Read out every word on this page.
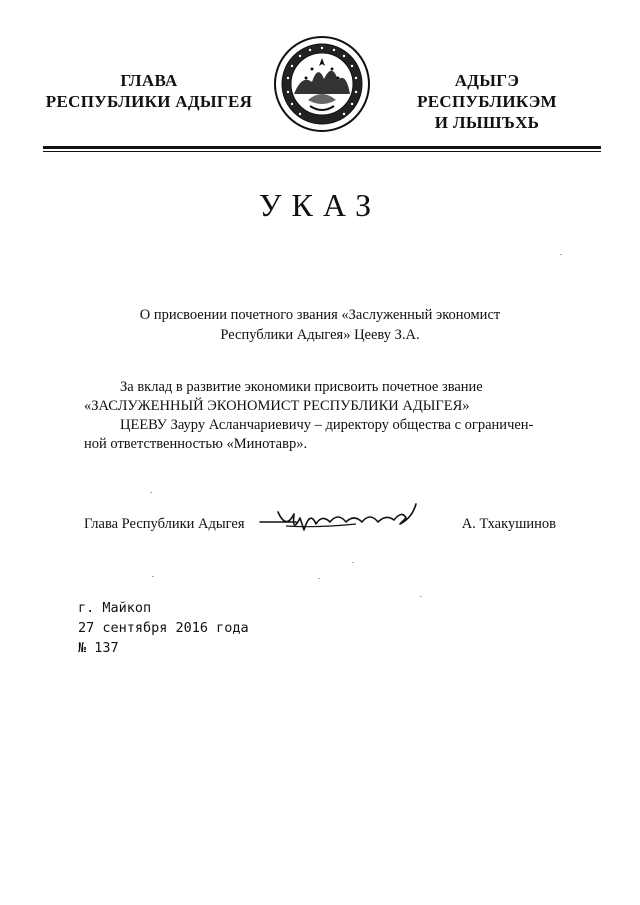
ГЛАВА
РЕСПУБЛИКИ АДЫГЕЯ
АДЫГЭ РЕСПУБЛИКЭМ
И ЛЫШЪХЬ
УКАЗ
О присвоении почетного звания «Заслуженный экономист
Республики Адыгея» Цееву З.А.
За вклад в развитие экономики присвоить почетное звание
«ЗАСЛУЖЕННЫЙ ЭКОНОМИСТ РЕСПУБЛИКИ АДЫГЕЯ»
ЦЕЕВУ Зауру Асланчариевичу – директору общества с ограничен-
ной ответственностью «Минотавр».
Глава Республики Адыгея	А. Тхакушинов
г. Майкоп
27 сентября 2016 года
№ 137
